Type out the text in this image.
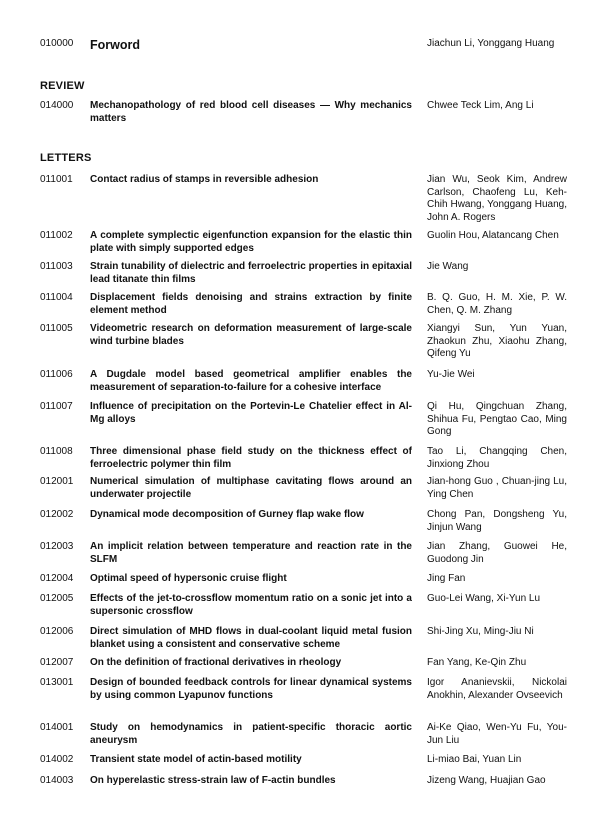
010000 Forword	Jiachun Li, Yonggang Huang
REVIEW
014000 Mechanopathology of red blood cell diseases — Why mechanics matters
Chwee Teck Lim, Ang Li
LETTERS
011001 Contact radius of stamps in reversible adhesion	Jian Wu, Seok Kim, Andrew Carlson, Chaofeng Lu, Keh-Chih Hwang, Yonggang Huang, John A. Rogers
011002 A complete symplectic eigenfunction expansion for the elastic thin plate with simply supported edges
Guolin Hou, Alatancang Chen
011003 Strain tunability of dielectric and ferroelectric properties in epitaxial lead titanate thin films
Jie Wang
011004 Displacement fields denoising and strains extraction by finite element method
B. Q. Guo, H. M. Xie, P. W. Chen, Q. M. Zhang
011005 Videometric research on deformation measurement of large-scale wind turbine blades
Xiangyi Sun, Yun Yuan, Zhaokun Zhu, Xiaohu Zhang, Qifeng Yu
011006 A Dugdale model based geometrical amplifier enables the measurement of separation-to-failure for a cohesive interface
Yu-Jie Wei
011007 Influence of precipitation on the Portevin-Le Chatelier effect in Al-Mg alloys
Qi Hu, Qingchuan Zhang, Shihua Fu, Pengtao Cao, Ming Gong
011008 Three dimensional phase field study on the thickness effect of ferroelectric polymer thin film
Tao Li, Changqing Chen, Jinxiong Zhou
012001 Numerical simulation of multiphase cavitating flows around an underwater projectile
Jian-hong Guo , Chuan-jing Lu, Ying Chen
012002 Dynamical mode decomposition of Gurney flap wake flow	Chong Pan, Dongsheng Yu, Jinjun Wang
012003 An implicit relation between temperature and reaction rate in the SLFM
Jian Zhang, Guowei He, Guodong Jin
012004 Optimal speed of hypersonic cruise flight	Jing Fan
012005 Effects of the jet-to-crossflow momentum ratio on a sonic jet into a supersonic crossflow
Guo-Lei Wang, Xi-Yun Lu
012006 Direct simulation of MHD flows in dual-coolant liquid metal fusion blanket using a consistent and conservative scheme
Shi-Jing Xu, Ming-Jiu Ni
012007 On the definition of fractional derivatives in rheology	Fan Yang, Ke-Qin Zhu
013001 Design of bounded feedback controls for linear dynamical systems by using common Lyapunov functions
Igor Ananievskii, Nickolai Anokhin, Alexander Ovseevich
014001 Study on hemodynamics in patient-specific thoracic aortic aneurysm
Ai-Ke Qiao, Wen-Yu Fu, You-Jun Liu
014002 Transient state model of actin-based motility	Li-miao Bai, Yuan Lin
014003 On hyperelastic stress-strain law of F-actin bundles	Jizeng Wang, Huajian Gao
